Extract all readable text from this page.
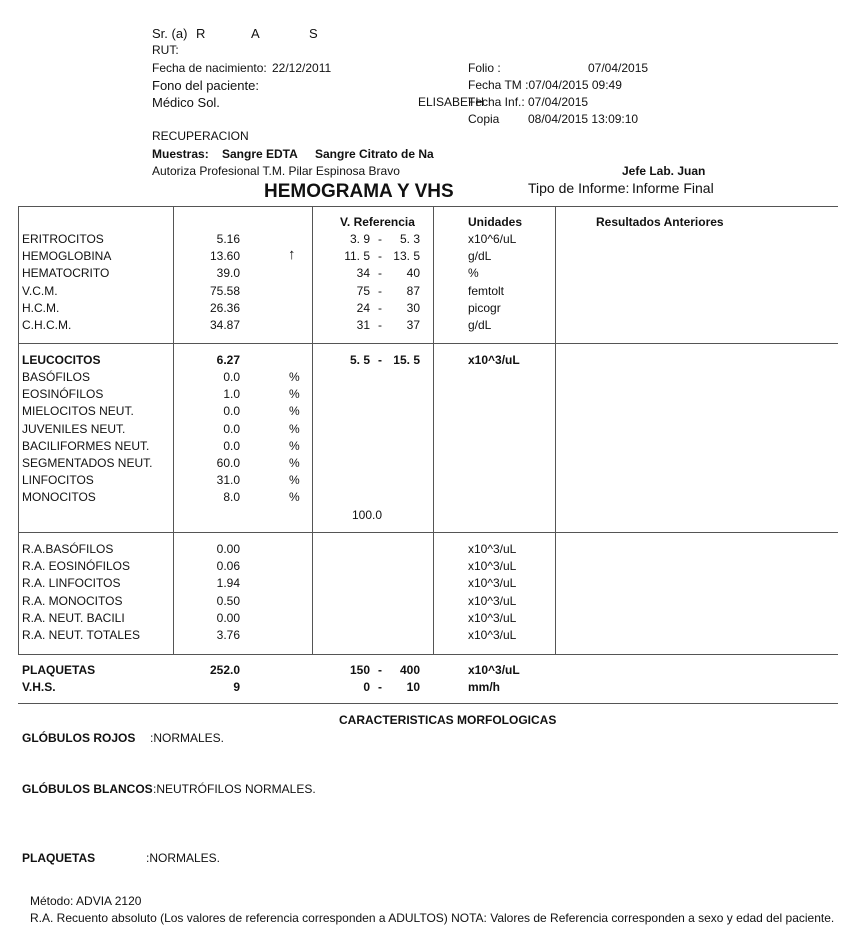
Sr. (a) R	A	S
RUT:
Fecha de nacimiento: 22/12/2011
Fono del paciente:
Médico Sol.	ELISABETH
Folio :	07/04/2015
Fecha TM :07/04/2015 09:49
Fecha Inf.: 07/04/2015
Copia 08/04/2015 13:09:10
RECUPERACION
Muestras: Sangre EDTA Sangre Citrato de Na
Autoriza Profesional T.M. Pilar Espinosa Bravo	Jefe Lab. Juan
HEMOGRAMA Y VHS	Tipo de Informe: Informe Final
V. Referencia	Unidades	Resultados Anteriores
ERITROCITOS	5.16	3. 9 -	5. 3	x10^6/uL
HEMOGLOBINA	13.60	↑	11. 5 - 13. 5	g/dL
HEMATOCRITO	39.0	34 -	40	%
V.C.M.	75.58	75 -	87	femtolt
H.C.M.	26.36	24 -	30	picogr
C.H.C.M.	34.87	31 -	37	g/dL
LEUCOCITOS	6.27	5. 5 - 15. 5	x10^3/uL
BASÓFILOS	0.0	%
EOSINÓFILOS	1.0	%
MIELOCITOS NEUT.	0.0	%
JUVENILES NEUT.	0.0	%
BACILIFORMES NEUT.	0.0	%
SEGMENTADOS NEUT.	60.0	%
LINFOCITOS	31.0	%
MONOCITOS	8.0	%
100.0
R.A.BASÓFILOS	0.00	x10^3/uL
R.A. EOSINÓFILOS	0.06	x10^3/uL
R.A. LINFOCITOS	1.94	x10^3/uL
R.A. MONOCITOS	0.50	x10^3/uL
R.A. NEUT. BACILI	0.00	x10^3/uL
R.A. NEUT. TOTALES	3.76	x10^3/uL
PLAQUETAS	252.0	150 -	400	x10^3/uL
V.H.S.	9	0 -	10	mm/h
CARACTERISTICAS MORFOLOGICAS
GLÓBULOS ROJOS :NORMALES.
GLÓBULOS BLANCOS :NEUTRÓFILOS NORMALES.
PLAQUETAS	:NORMALES.
Método: ADVIA 2120
R.A. Recuento absoluto (Los valores de referencia corresponden a ADULTOS) NOTA: Valores de Referencia corresponden a sexo y edad del paciente.
